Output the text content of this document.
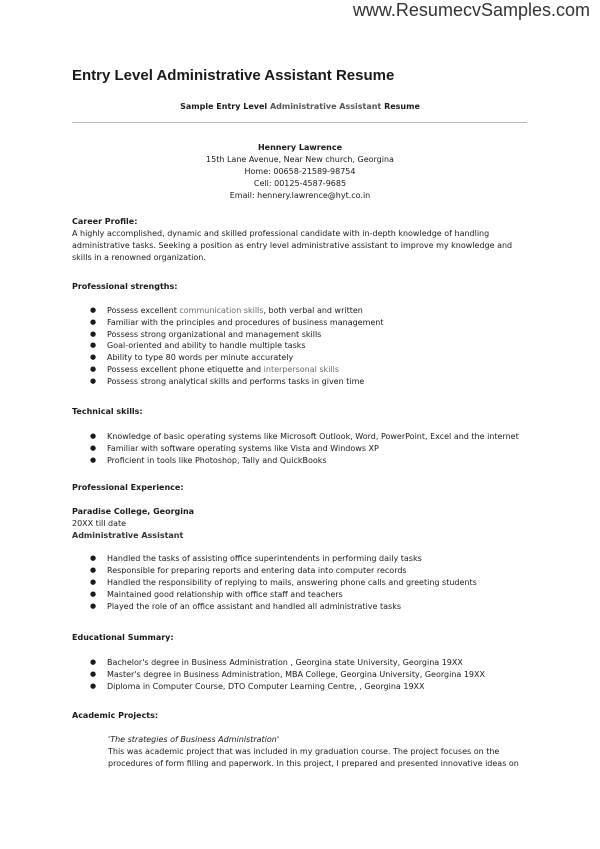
www.ResumecvSamples.com
Entry Level Administrative Assistant Resume
Sample Entry Level Administrative Assistant Resume
Hennery Lawrence
15th Lane Avenue, Near New church, Georgina
Home: 00658-21589-98754
Cell: 00125-4587-9685
Email: hennery.lawrence@hyt.co.in
Career Profile:
A highly accomplished, dynamic and skilled professional candidate with in-depth knowledge of handling
administrative tasks. Seeking a position as entry level administrative assistant to improve my knowledge and
skills in a renowned organization.
Professional strengths:
● Possess excellent communication skills, both verbal and written
● Familiar with the principles and procedures of business management
● Possess strong organizational and management skills
● Goal-oriented and ability to handle multiple tasks
● Ability to type 80 words per minute accurately
● Possess excellent phone etiquette and interpersonal skills
● Possess strong analytical skills and performs tasks in given time
Technical skills:
● Knowledge of basic operating systems like Microsoft Outlook, Word, PowerPoint, Excel and the internet
● Familiar with software operating systems like Vista and Windows XP
● Proficient in tools like Photoshop, Tally and QuickBooks
Professional Experience:
Paradise College, Georgina
20XX till date
Administrative Assistant
● Handled the tasks of assisting office superintendents in performing daily tasks
● Responsible for preparing reports and entering data into computer records
● Handled the responsibility of replying to mails, answering phone calls and greeting students
● Maintained good relationship with office staff and teachers
● Played the role of an office assistant and handled all administrative tasks
Educational Summary:
● Bachelor's degree in Business Administration , Georgina state University, Georgina 19XX
● Master's degree in Business Administration, MBA College, Georgina University, Georgina 19XX
● Diploma in Computer Course, DTO Computer Learning Centre, , Georgina 19XX
Academic Projects:
'The strategies of Business Administration'
This was academic project that was included in my graduation course. The project focuses on the
procedures of form filling and paperwork. In this project, I prepared and presented innovative ideas on
